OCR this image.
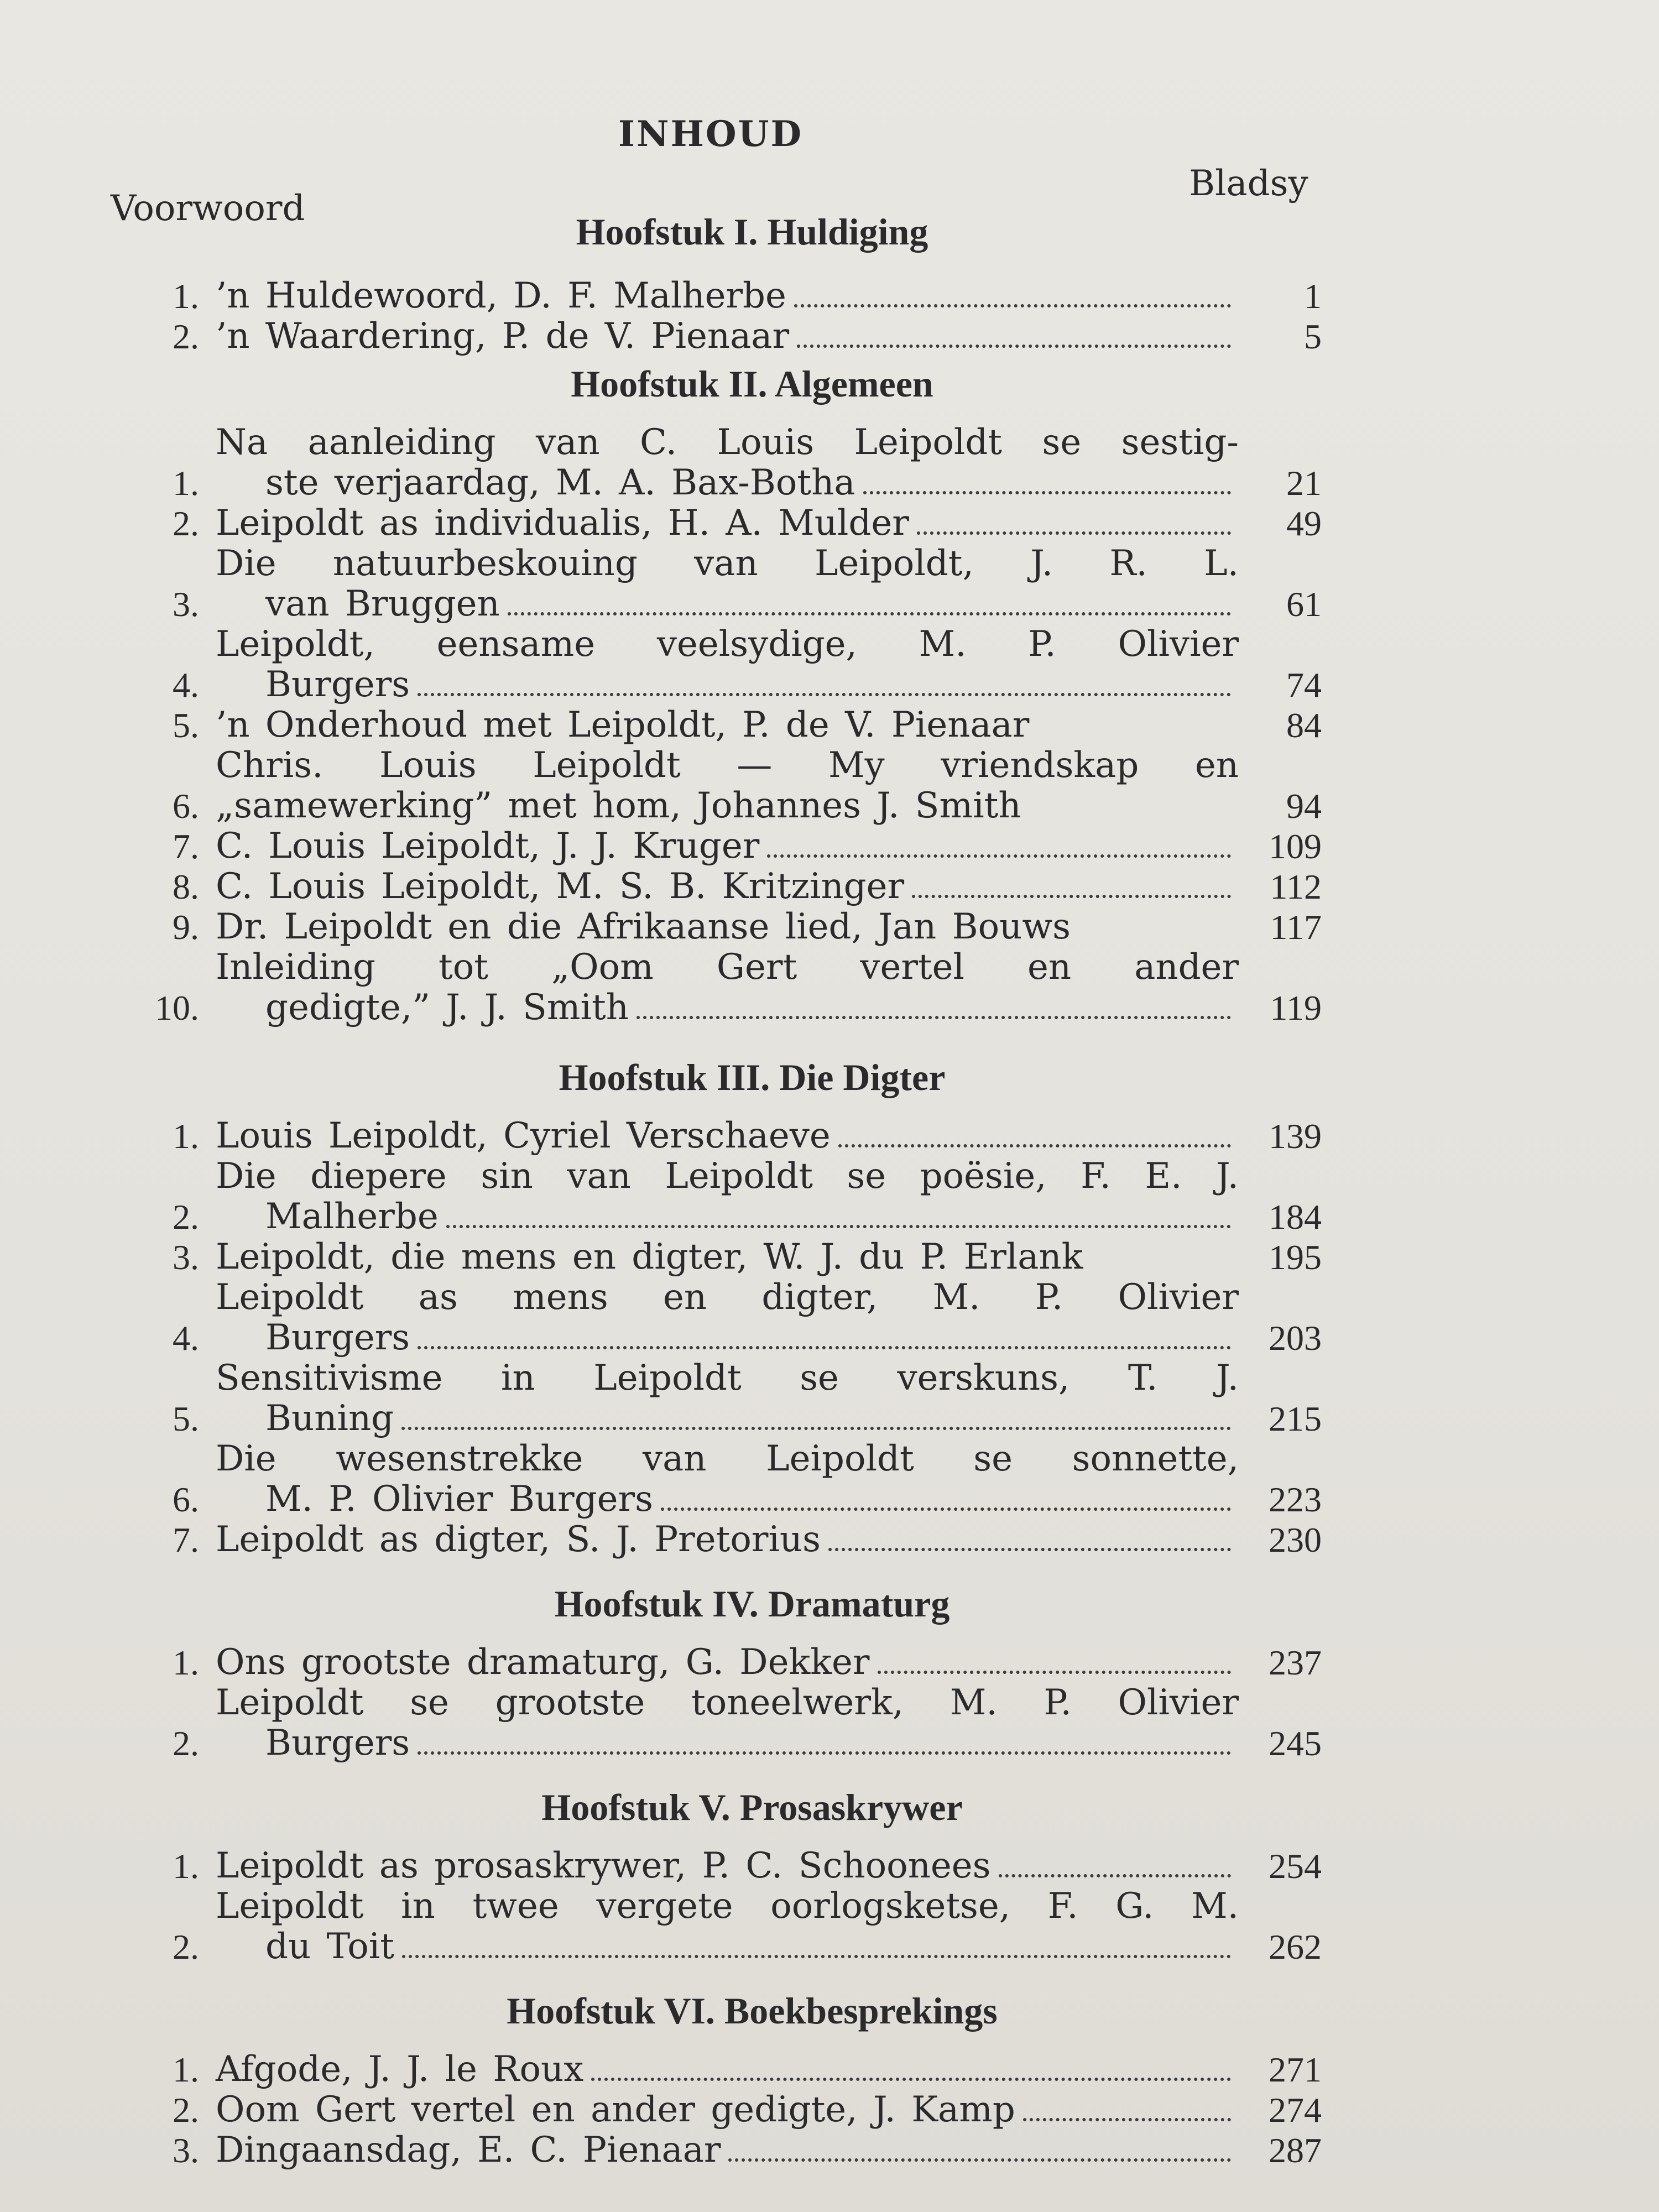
INHOUD
Voorwoord
Bladsy
Hoofstuk I. Huldiging
1. ’n Huldewoord, D. F. Malherbe	1
2. ’n Waardering, P. de V. Pienaar	5
Hoofstuk II. Algemeen
1.
Na aanleiding van C. Louis Leipoldt se sestig-
ste verjaardag, M. A. Bax-Botha	21
2. Leipoldt as individualis, H. A. Mulder	49
3.
Die natuurbeskouing van Leipoldt, J. R. L.
van Bruggen	61
4.
Leipoldt, eensame veelsydige, M. P. Olivier
Burgers	74
5. ’n Onderhoud met Leipoldt, P. de V. Pienaar	84
6.
Chris. Louis Leipoldt — My vriendskap en
„samewerking” met hom, Johannes J. Smith	94
7. C. Louis Leipoldt, J. J. Kruger	109
8. C. Louis Leipoldt, M. S. B. Kritzinger	112
9. Dr. Leipoldt en die Afrikaanse lied, Jan Bouws	117
10.
Inleiding tot „Oom Gert vertel en ander
gedigte,” J. J. Smith	119
Hoofstuk III. Die Digter
1. Louis Leipoldt, Cyriel Verschaeve	139
2.
Die diepere sin van Leipoldt se poësie, F. E. J.
Malherbe	184
3. Leipoldt, die mens en digter, W. J. du P. Erlank	195
4.
Leipoldt as mens en digter, M. P. Olivier
Burgers	203
5.
Sensitivisme in Leipoldt se verskuns, T. J.
Buning	215
6.
Die wesenstrekke van Leipoldt se sonnette,
M. P. Olivier Burgers	223
7. Leipoldt as digter, S. J. Pretorius	230
Hoofstuk IV. Dramaturg
1. Ons grootste dramaturg, G. Dekker	237
2.
Leipoldt se grootste toneelwerk, M. P. Olivier
Burgers	245
Hoofstuk V. Prosaskrywer
1. Leipoldt as prosaskrywer, P. C. Schoonees	254
2.
Leipoldt in twee vergete oorlogsketse, F. G. M.
du Toit	262
Hoofstuk VI. Boekbesprekings
1. Afgode, J. J. le Roux	271
2. Oom Gert vertel en ander gedigte, J. Kamp	274
3. Dingaansdag, E. C. Pienaar	287
